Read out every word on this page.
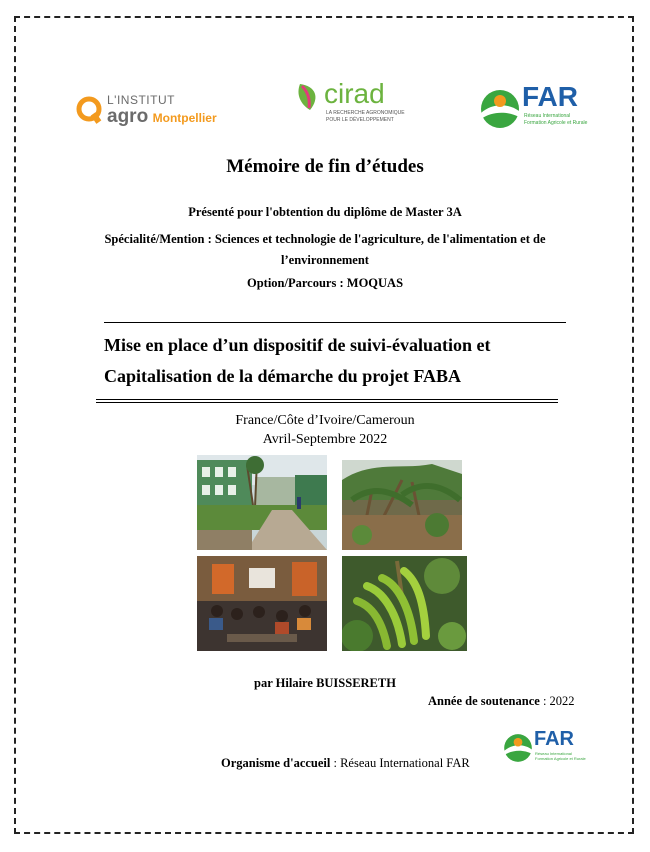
L'INSTITUT
agro Montpellier
cirad
LA RECHERCHE AGRONOMIQUE
POUR LE DÉVELOPPEMENT
FAR
Réseau International
Formation Agricole et Rurale
Mémoire de fin d’études
Présenté pour l'obtention du diplôme de Master 3A
Spécialité/Mention : Sciences et technologie de l'agriculture, de l'alimentation et de
l’environnement
Option/Parcours : MOQUAS
Mise en place d’un dispositif de suivi-évaluation et
Capitalisation de la démarche du projet FABA
France/Côte d’Ivoire/Cameroun
Avril-Septembre 2022
par Hilaire BUISSERETH
Année de soutenance : 2022
Organisme d'accueil : Réseau International FAR
FAR
Réseau International
Formation Agricole et Rurale
